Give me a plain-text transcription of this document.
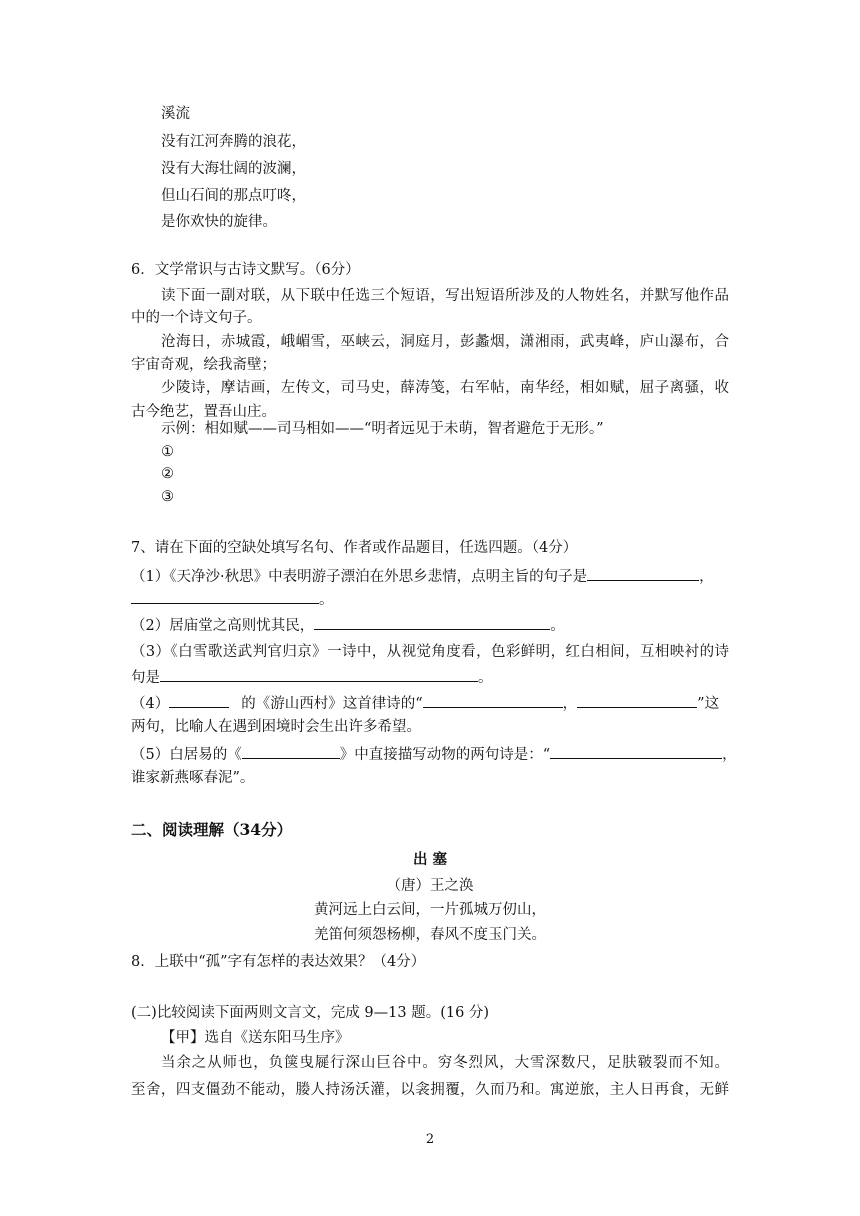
溪流
没有江河奔腾的浪花，
没有大海壮阔的波澜，
但山石间的那点叮咚，
是你欢快的旋律。
6．文学常识与古诗文默写。（6分）
读下面一副对联，从下联中任选三个短语，写出短语所涉及的人物姓名，并默写他作品
中的一个诗文句子。
沧海日，赤城霞，峨嵋雪，巫峡云，洞庭月，彭蠡烟，潇湘雨，武夷峰，庐山瀑布，合
宇宙奇观，绘我斋壁；
少陵诗，摩诘画，左传文，司马史，薛涛笺，右军帖，南华经，相如赋，屈子离骚，收
古今绝艺，置吾山庄。
示例：相如赋——司马相如——“明者远见于未萌，智者避危于无形。”
①
②
③
7、请在下面的空缺处填写名句、作者或作品题目，任选四题。（4分）
（1）《天净沙·秋思》中表明游子漂泊在外思乡悲情，点明主旨的句子是	，
。
（2）居庙堂之高则忧其民，	。
（3）《白雪歌送武判官归京》一诗中，从视觉角度看，色彩鲜明，红白相间，互相映衬的诗
句是	。
（4）	的《游山西村》这首律诗的“	，	”这
两句，比喻人在遇到困境时会生出许多希望。
（5）白居易的《	》中直接描写动物的两句诗是：“	，
谁家新燕啄春泥”。
二、阅读理解（34分）
出 塞
（唐）王之涣
黄河远上白云间，一片孤城万仞山，
羌笛何须怨杨柳，春风不度玉门关。
8．上联中“孤”字有怎样的表达效果？（4分）
(二)比较阅读下面两则文言文，完成 9—13 题。(16 分)
【甲】选自《送东阳马生序》
当余之从师也，负箧曳屣行深山巨谷中。穷冬烈风，大雪深数尺，足肤皲裂而不知。
至舍，四支僵劲不能动，媵人持汤沃灌，以衾拥覆，久而乃和。寓逆旅，主人日再食，无鲜
2
